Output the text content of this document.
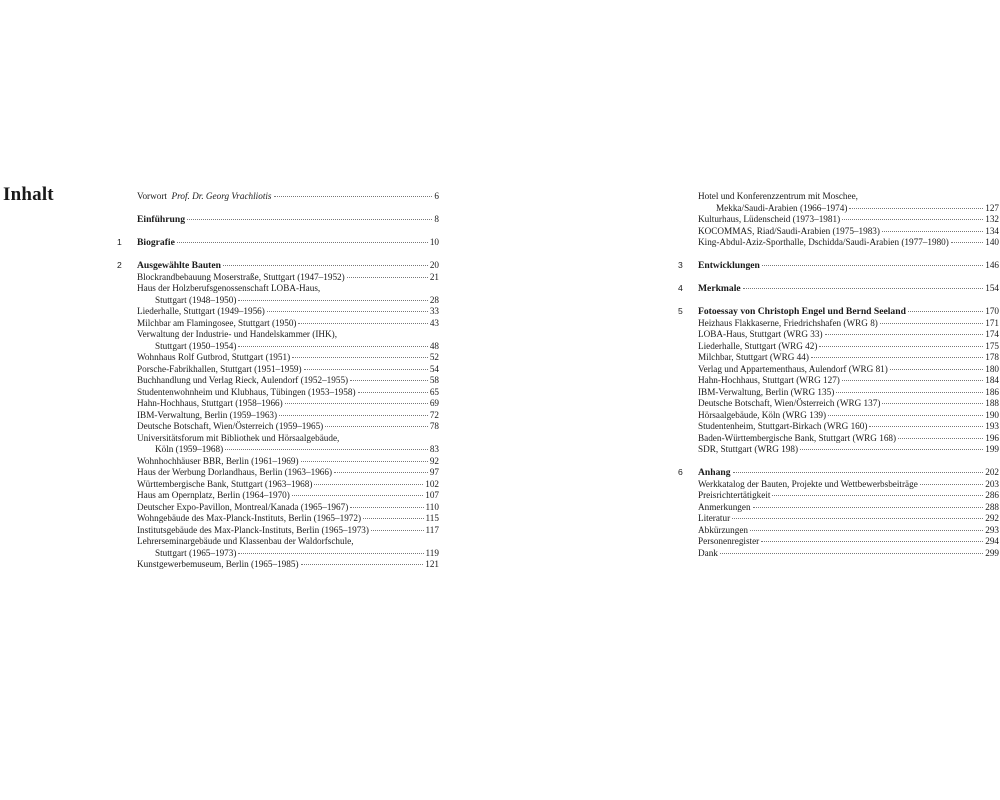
Inhalt	Vorwort Prof. Dr. Georg Vrachliotis	6
Einführung	8
1	Biografie	10
2	Ausgewählte Bauten	20
Blockrandbebauung Moserstraße, Stuttgart (1947–1952)	21
Haus der Holzberufsgenossenschaft LOBA-Haus,
Stuttgart (1948–1950)	28
Liederhalle, Stuttgart (1949–1956)	33
Milchbar am Flamingosee, Stuttgart (1950)	43
Verwaltung der Industrie- und Handelskammer (IHK),
Stuttgart (1950–1954)	48
Wohnhaus Rolf Gutbrod, Stuttgart (1951)	52
Porsche-Fabrikhallen, Stuttgart (1951–1959)	54
Buchhandlung und Verlag Rieck, Aulendorf (1952–1955)	58
Studentenwohnheim und Klubhaus, Tübingen (1953–1958)	65
Hahn-Hochhaus, Stuttgart (1958–1966)	69
IBM-Verwaltung, Berlin (1959–1963)	72
Deutsche Botschaft, Wien/Österreich (1959–1965)	78
Universitätsforum mit Bibliothek und Hörsaalgebäude,
Köln (1959–1968)	83
Wohnhochhäuser BBR, Berlin (1961–1969)	92
Haus der Werbung Dorlandhaus, Berlin (1963–1966)	97
Württembergische Bank, Stuttgart (1963–1968)	102
Haus am Opernplatz, Berlin (1964–1970)	107
Deutscher Expo-Pavillon, Montreal/Kanada (1965–1967)	110
Wohngebäude des Max-Planck-Instituts, Berlin (1965–1972)	115
Institutsgebäude des Max-Planck-Instituts, Berlin (1965–1973)	117
Lehrerseminargebäude und Klassenbau der Waldorfschule,
Stuttgart (1965–1973)	119
Kunstgewerbemuseum, Berlin (1965–1985)	121
Hotel und Konferenzzentrum mit Moschee,
Mekka/Saudi-Arabien (1966–1974)	127
Kulturhaus, Lüdenscheid (1973–1981)	132
KOCOMMAS, Riad/Saudi-Arabien (1975–1983)	134
King-Abdul-Aziz-Sporthalle, Dschidda/Saudi-Arabien (1977–1980)	140
3	Entwicklungen	146
4	Merkmale	154
5	Fotoessay von Christoph Engel und Bernd Seeland	170
Heizhaus Flakkaserne, Friedrichshafen (WRG 8)	171
LOBA-Haus, Stuttgart (WRG 33)	174
Liederhalle, Stuttgart (WRG 42)	175
Milchbar, Stuttgart (WRG 44)	178
Verlag und Appartementhaus, Aulendorf (WRG 81)	180
Hahn-Hochhaus, Stuttgart (WRG 127)	184
IBM-Verwaltung, Berlin (WRG 135)	186
Deutsche Botschaft, Wien/Österreich (WRG 137)	188
Hörsaalgebäude, Köln (WRG 139)	190
Studentenheim, Stuttgart-Birkach (WRG 160)	193
Baden-Württembergische Bank, Stuttgart (WRG 168)	196
SDR, Stuttgart (WRG 198)	199
6	Anhang	202
Werkkatalog der Bauten, Projekte und Wettbewerbsbeiträge	203
Preisrichtertätigkeit	286
Anmerkungen	288
Literatur	292
Abkürzungen	293
Personenregister	294
Dank	299
